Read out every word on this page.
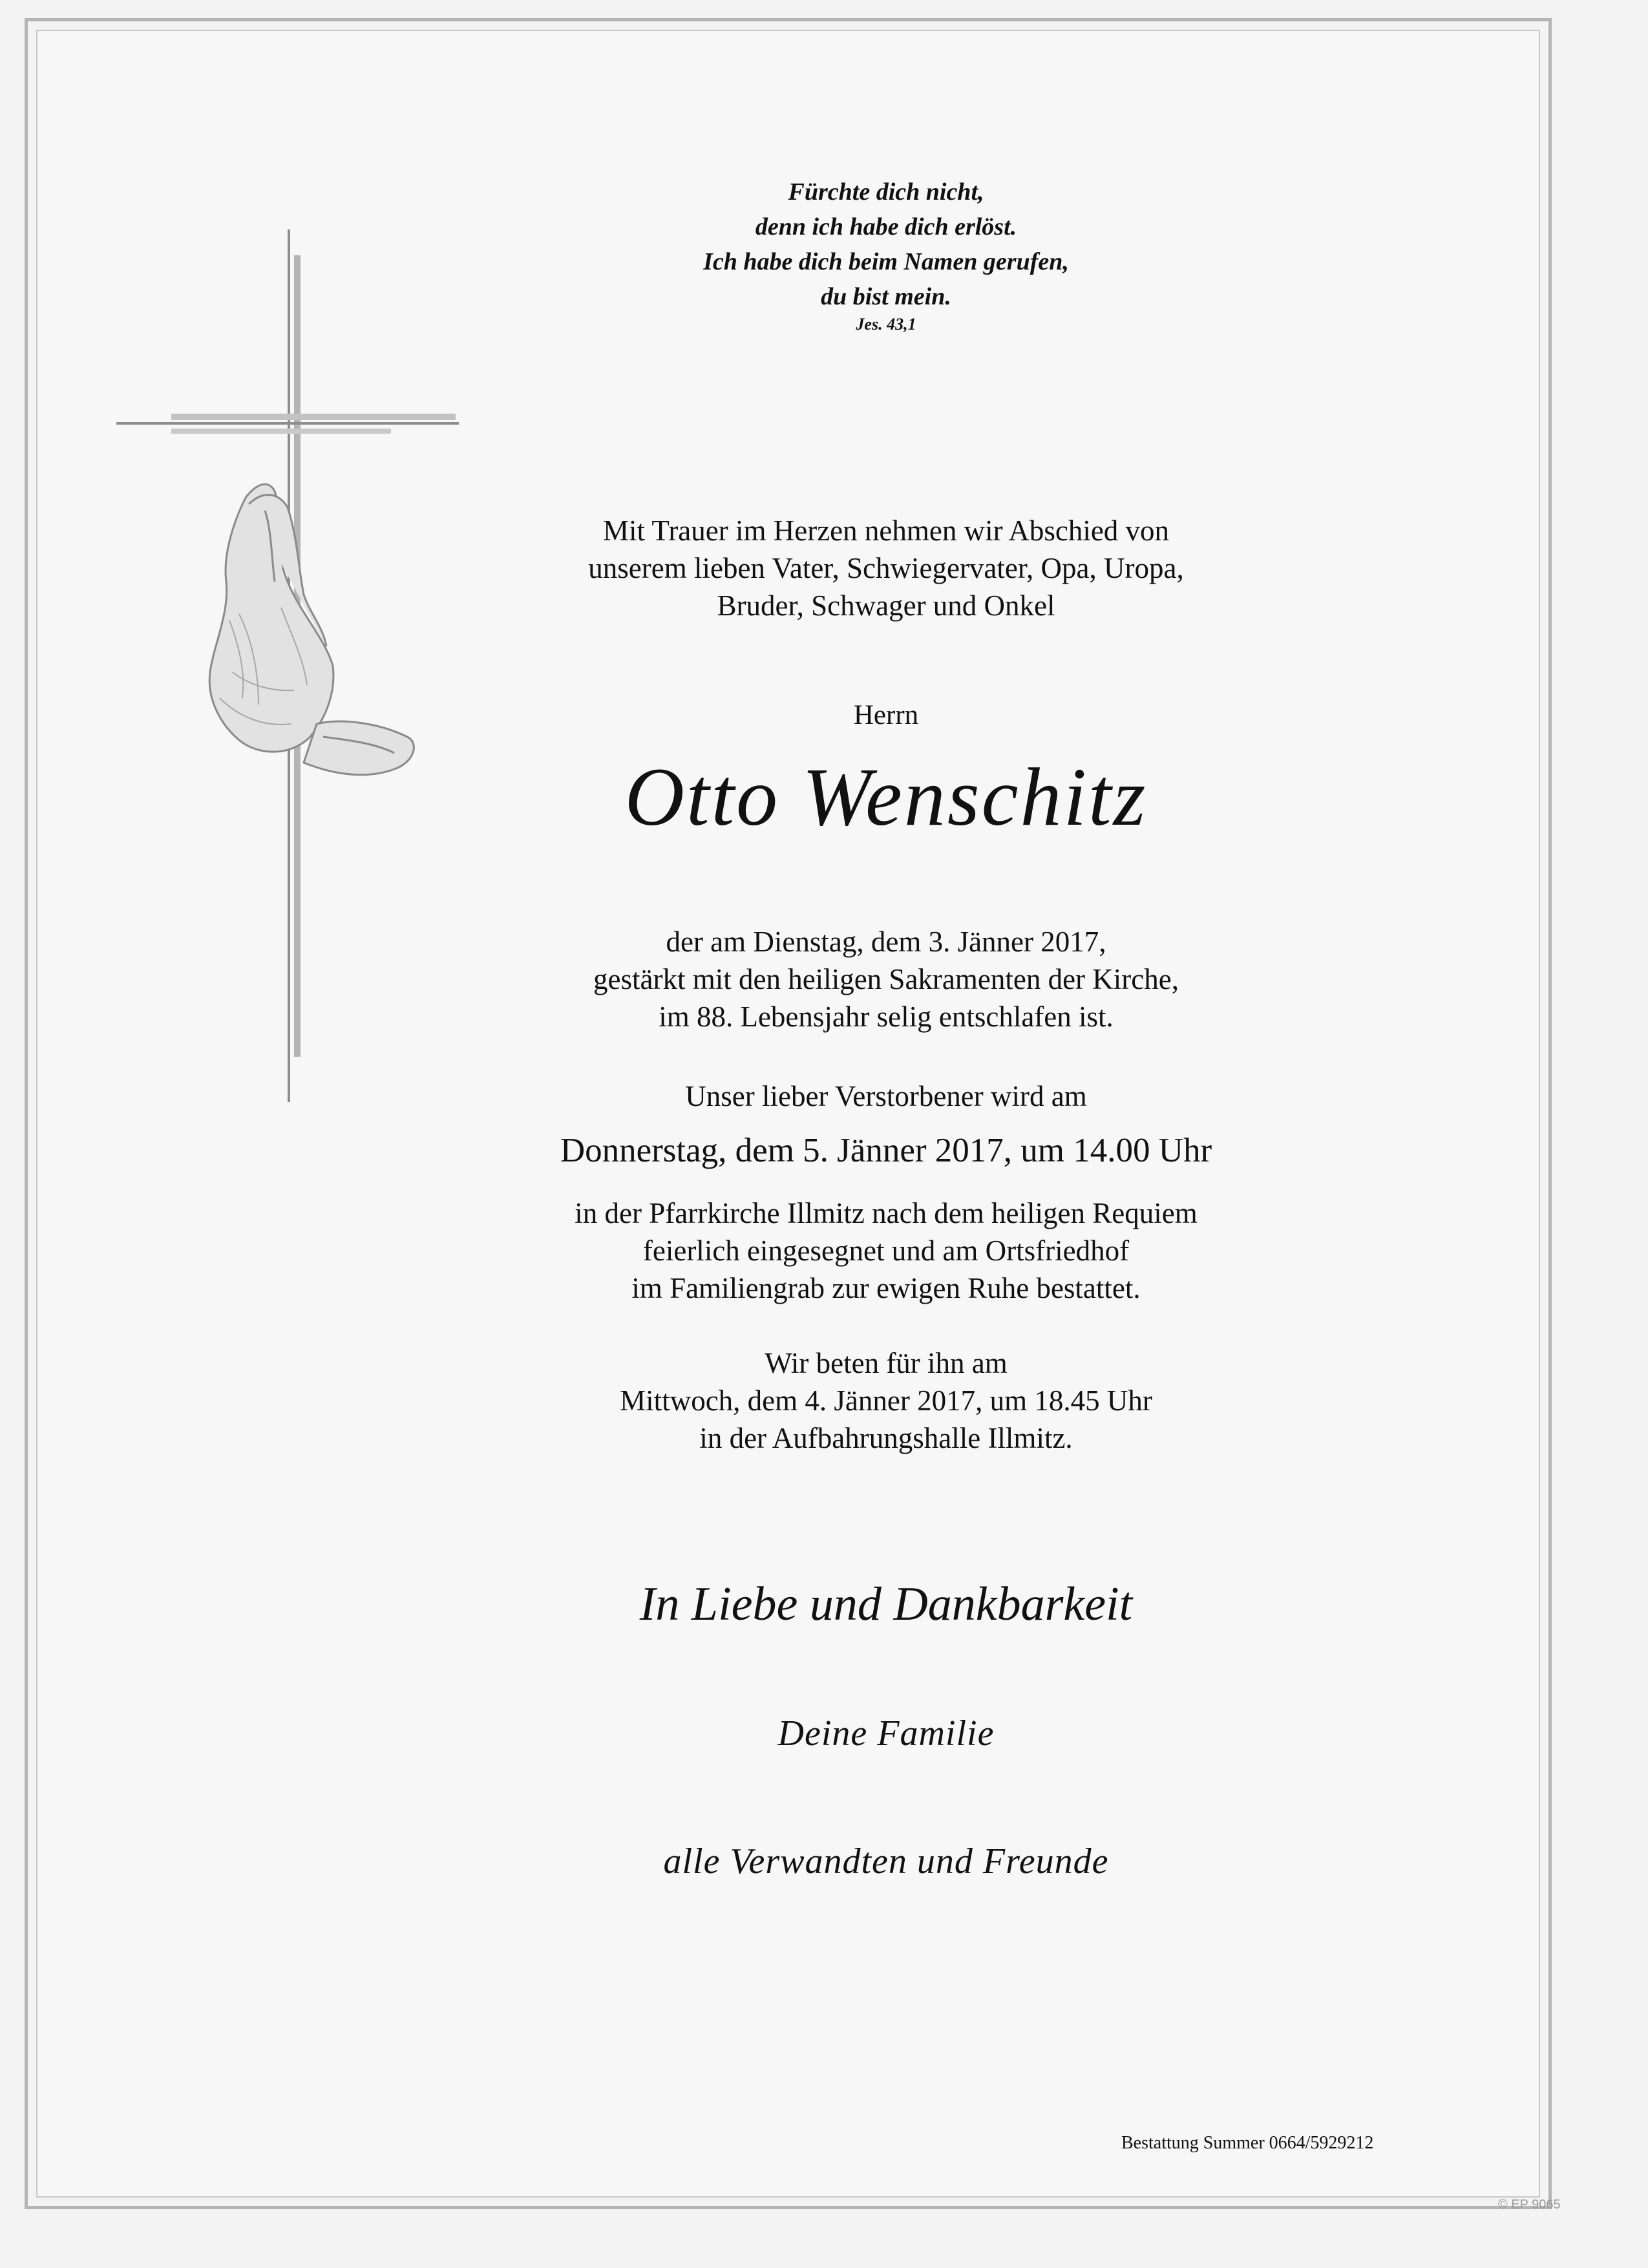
Fürchte dich nicht,
denn ich habe dich erlöst.
Ich habe dich beim Namen gerufen,
du bist mein.
Jes. 43,1
Mit Trauer im Herzen nehmen wir Abschied von
unserem lieben Vater, Schwiegervater, Opa, Uropa,
Bruder, Schwager und Onkel
Herrn
Otto Wenschitz
der am Dienstag, dem 3. Jänner 2017,
gestärkt mit den heiligen Sakramenten der Kirche,
im 88. Lebensjahr selig entschlafen ist.
Unser lieber Verstorbener wird am
Donnerstag, dem 5. Jänner 2017, um 14.00 Uhr
in der Pfarrkirche Illmitz nach dem heiligen Requiem
feierlich eingesegnet und am Ortsfriedhof
im Familiengrab zur ewigen Ruhe bestattet.
Wir beten für ihn am
Mittwoch, dem 4. Jänner 2017, um 18.45 Uhr
in der Aufbahrungshalle Illmitz.
In Liebe und Dankbarkeit
Deine Familie
alle Verwandten und Freunde
Bestattung Summer 0664/5929212
© EP 9065
